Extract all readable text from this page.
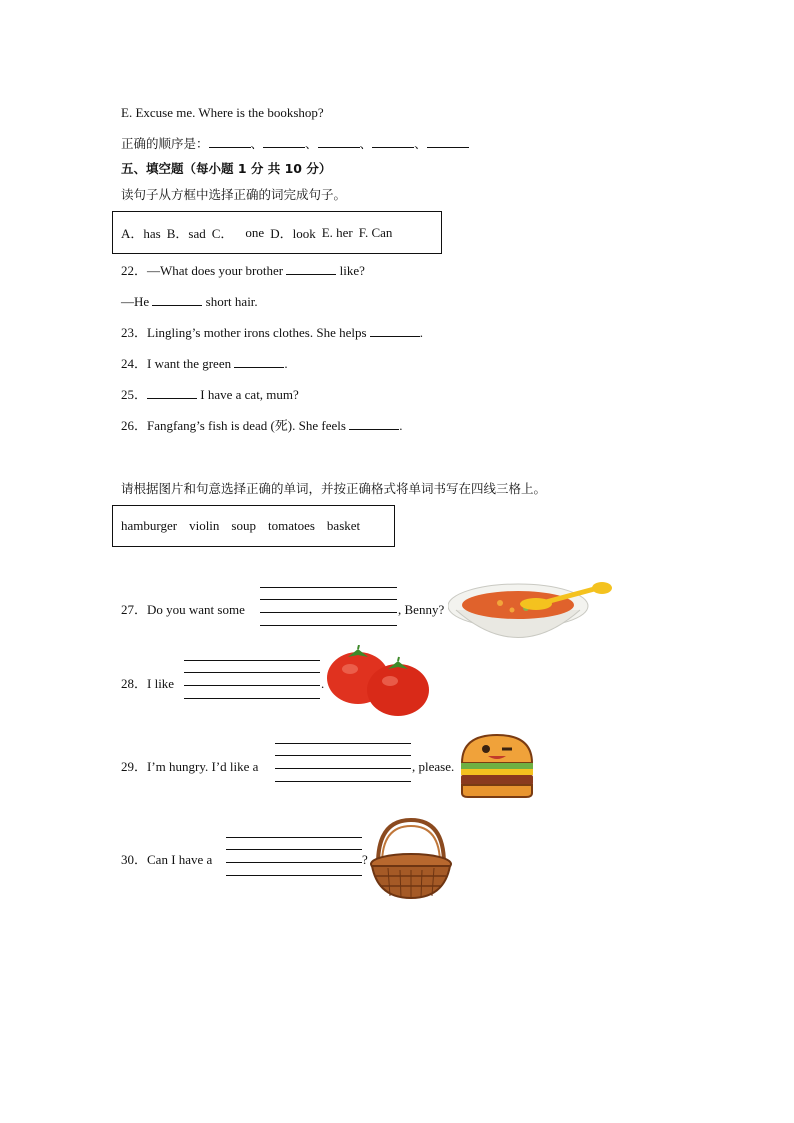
E. Excuse me. Where is the bookshop?
正确的顺序是：	、	、	、	、
五、填空题（每小题 1 分 共 10 分）
读句子从方框中选择正确的词完成句子。
A．has B．sad C． one D．look E. her F. Can
22．—What does your brother	like?
—He	short hair.
23．Lingling’s mother irons clothes. She helps	.
24．I want the green	.
25．	I have a cat, mum?
26．Fangfang’s fish is dead (死). She feels	.
请根据图片和句意选择正确的单词，并按正确格式将单词书写在四线三格上。
hamburger violin soup tomatoes basket
27．Do you want some	, Benny?
28．I like	.
29．I’m hungry. I’d like a	, please.
30．Can I have a	?
